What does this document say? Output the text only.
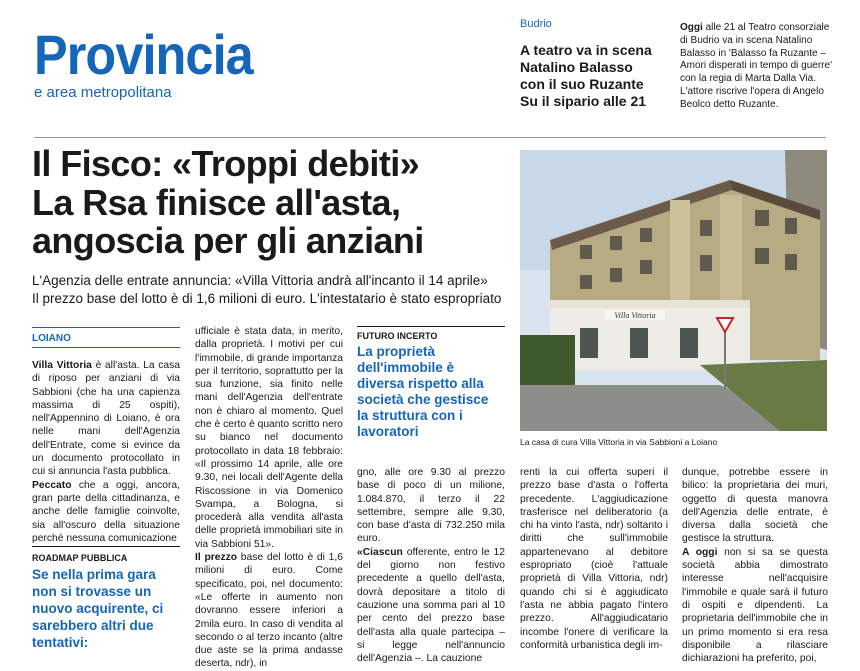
Provincia
e area metropolitana
Budrio
A teatro va in scena Natalino Balasso con il suo Ruzante Su il sipario alle 21
Oggi alle 21 al Teatro consorziale di Budrio va in scena Natalino Balasso in 'Balasso fa Ruzante – Amori disperati in tempo di guerre' con la regia di Marta Dalla Via. L'attore riscrive l'opera di Angelo Beolco detto Ruzante.
Il Fisco: «Troppi debiti»
La Rsa finisce all'asta,
angoscia per gli anziani
L'Agenzia delle entrate annuncia: «Villa Vittoria andrà all'incanto il 14 aprile»
Il prezzo base del lotto è di 1,6 milioni di euro. L'intestatario è stato espropriato
Villa Vittoria
La casa di cura Villa Vittoria in via Sabbioni a Loiano
LOIANO

Villa Vittoria è all'asta. La casa di riposo per anziani di via Sabbioni (che ha una capienza massima di 25 ospiti), nell'Appennino di Loiano, è ora nelle mani dell'Agenzia dell'Entrate, come si evince da un documento protocollato in cui si annuncia l'asta pubblica.

Peccato che a oggi, ancora, gran parte della cittadinanza, e anche delle famiglie coinvolte, sia all'oscuro della situazione perché nessuna comunicazione

ROADMAP PUBBLICA
Se nella prima gara non si trovasse un nuovo acquirente, ci sarebbero altri due tentativi:

ufficiale è stata data, in merito, dalla proprietà. I motivi per cui l'immobile, di grande importanza per il territorio, soprattutto per la sua funzione, sia finito nelle mani dell'Agenzia dell'entrate non è chiaro al momento. Quel che è certo è quanto scritto nero su bianco nel documento protocollato in data 18 febbraio: «Il prossimo 14 aprile, alle ore 9.30, nei locali dell'Agente della Riscossione in via Domenico Svampa, a Bologna, si procederà alla vendita all'asta delle proprietà immobiliari site in via Sabbioni 51».

Il prezzo base del lotto è di 1,6 milioni di euro. Come specificato, poi, nel documento: «Le offerte in aumento non dovranno essere inferiori a 2mila euro. In caso di vendita al secondo o al terzo incanto (altre due aste se la prima andasse deserta, ndr), in

FUTURO INCERTO
La proprietà dell'immobile è diversa rispetto alla società che gestisce la struttura con i lavoratori

gno, alle ore 9.30 al prezzo base di poco di un milione, 1.084.870, il terzo il 22 settembre, sempre alle 9.30, con base d'asta di 732.250 mila euro.

«Ciascun offerente, entro le 12 del giorno non festivo precedente a quello dell'asta, dovrà depositare a titolo di cauzione una somma pari al 10 per cento del prezzo base dell'asta alla quale partecipa – si legge nell'annuncio dell'Agenzia –. La cauzione

renti la cui offerta superi il prezzo base d'asta o l'offerta precedente. L'aggiudicazione trasferisce nel deliberatorio (a chi ha vinto l'asta, ndr) soltanto i diritti che sull'immobile appartenevano al debitore espropriato (cioè l'attuale proprietà di Villa Vittoria, ndr) quando chi si è aggiudicato l'asta ne abbia pagato l'intero prezzo. All'aggiudicatario incombe l'onere di verificare la conformità urbanistica degli im-

dunque, potrebbe essere in bilico: la proprietaria dei muri, oggetto di questa manovra dell'Agenzia delle entrate, è diversa dalla società che gestisce la struttura.

A oggi non si sa se questa società abbia dimostrato interesse nell'acquisire l'immobile e quale sarà il futuro di ospiti e dipendenti. La proprietaria dell'immobile che in un primo momento si era resa disponibile a rilasciare dichiarazioni ha preferito, poi,
